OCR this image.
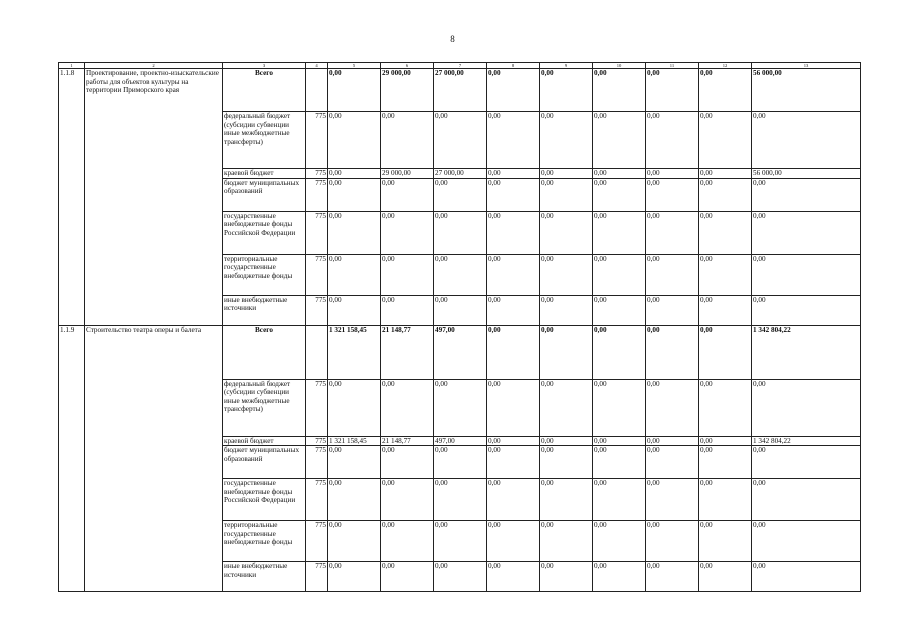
8
1	2	3	4	5	6	7	8	9	10	11	12	13
1.1.8	Проектирование, проектно-изыскательские работы для объектов культуры на территории Приморского края	Всего		0,00	29 000,00	27 000,00	0,00	0,00	0,00	0,00	0,00	56 000,00
		федеральный бюджет (субсидии субвенции иные межбюджетные трансферты)	775	0,00	0,00	0,00	0,00	0,00	0,00	0,00	0,00	0,00
		краевой бюджет	775	0,00	29 000,00	27 000,00	0,00	0,00	0,00	0,00	0,00	56 000,00
		бюджет муниципальных образований	775	0,00	0,00	0,00	0,00	0,00	0,00	0,00	0,00	0,00
		государственные внебюджетные фонды Российской Федерации	775	0,00	0,00	0,00	0,00	0,00	0,00	0,00	0,00	0,00
		территориальные государственные внебюджетные фонды	775	0,00	0,00	0,00	0,00	0,00	0,00	0,00	0,00	0,00
		иные внебюджетные источники	775	0,00	0,00	0,00	0,00	0,00	0,00	0,00	0,00	0,00
1.1.9	Строительство театра оперы и балета	Всего		1 321 158,45	21 148,77	497,00	0,00	0,00	0,00	0,00	0,00	1 342 804,22
		федеральный бюджет (субсидии субвенции иные межбюджетные трансферты)	775	0,00	0,00	0,00	0,00	0,00	0,00	0,00	0,00	0,00
		краевой бюджет	775	1 321 158,45	21 148,77	497,00	0,00	0,00	0,00	0,00	0,00	1 342 804,22
		бюджет муниципальных образований	775	0,00	0,00	0,00	0,00	0,00	0,00	0,00	0,00	0,00
		государственные внебюджетные фонды Российской Федерации	775	0,00	0,00	0,00	0,00	0,00	0,00	0,00	0,00	0,00
		территориальные государственные внебюджетные фонды	775	0,00	0,00	0,00	0,00	0,00	0,00	0,00	0,00	0,00
		иные внебюджетные источники	775	0,00	0,00	0,00	0,00	0,00	0,00	0,00	0,00	0,00
